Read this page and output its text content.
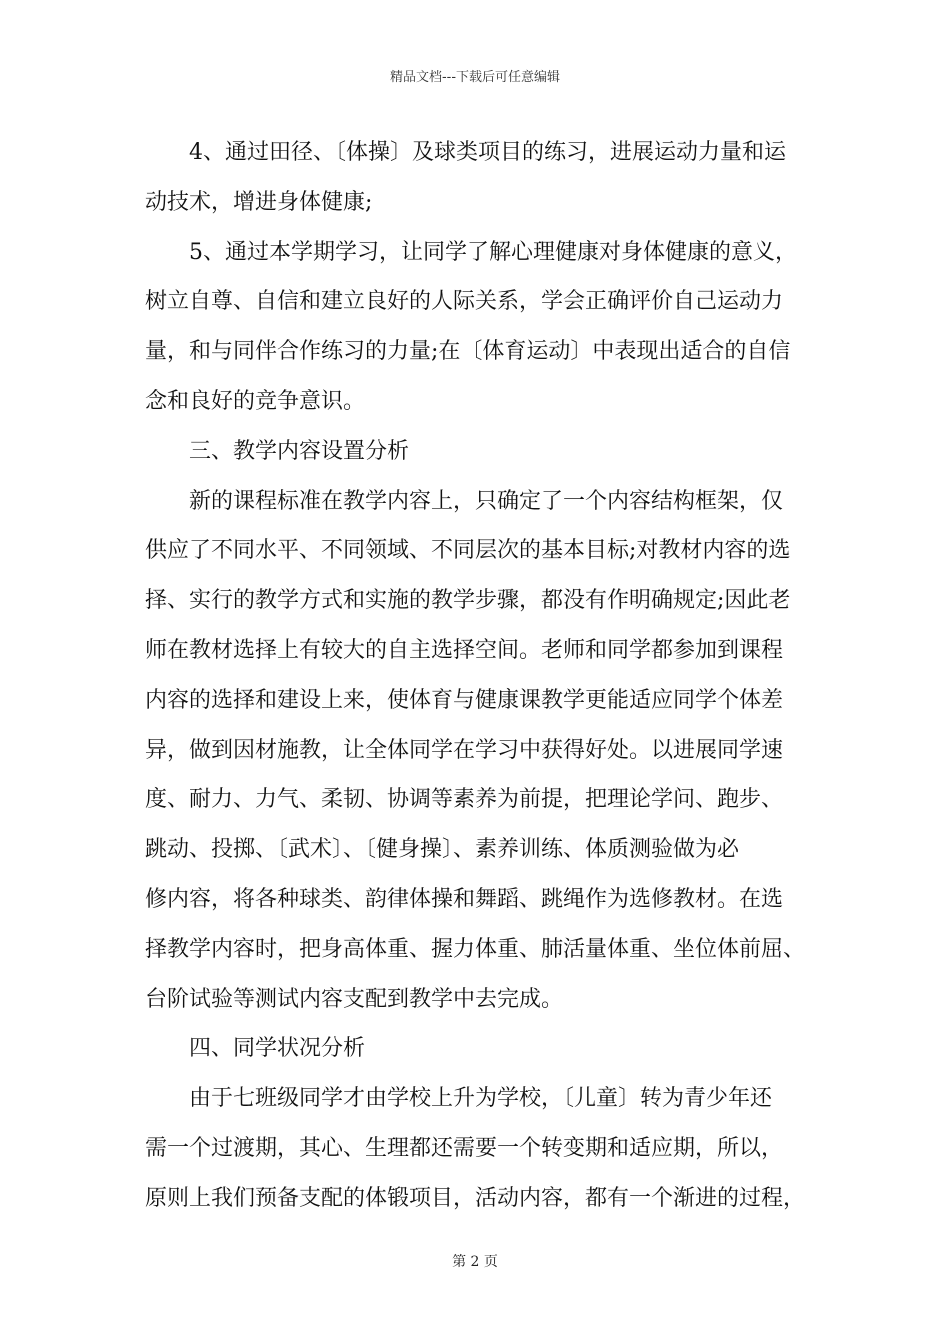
精品文档---下载后可任意编辑

4、通过田径、〔体操〕及球类项目的练习，进展运动力量和运
动技术，增进身体健康;

5、通过本学期学习，让同学了解心理健康对身体健康的意义，
树立自尊、自信和建立良好的人际关系，学会正确评价自己运动力
量，和与同伴合作练习的力量;在〔体育运动〕中表现出适合的自信
念和良好的竞争意识。

三、教学内容设置分析

新的课程标准在教学内容上，只确定了一个内容结构框架，仅
供应了不同水平、不同领域、不同层次的基本目标;对教材内容的选
择、实行的教学方式和实施的教学步骤，都没有作明确规定;因此老
师在教材选择上有较大的自主选择空间。老师和同学都参加到课程
内容的选择和建设上来，使体育与健康课教学更能适应同学个体差
异，做到因材施教，让全体同学在学习中获得好处。以进展同学速
度、耐力、力气、柔韧、协调等素养为前提，把理论学问、跑步、
跳动、投掷、〔武术〕、〔健身操〕、素养训练、体质测验做为必
修内容，将各种球类、韵律体操和舞蹈、跳绳作为选修教材。在选
择教学内容时，把身高体重、握力体重、肺活量体重、坐位体前屈、
台阶试验等测试内容支配到教学中去完成。

四、同学状况分析

由于七班级同学才由学校上升为学校，〔儿童〕转为青少年还
需一个过渡期，其心、生理都还需要一个转变期和适应期，所以，
原则上我们预备支配的体锻项目，活动内容，都有一个渐进的过程，

第 2 页
